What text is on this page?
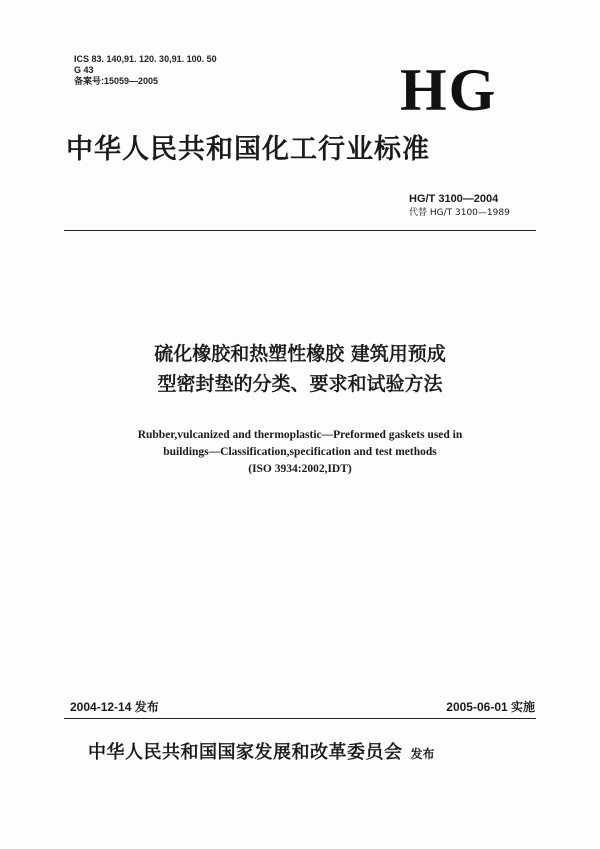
ICS 83. 140,91. 120. 30,91. 100. 50
G 43
备案号:15059—2005	HG
中华人民共和国化工行业标准
HG/T 3100—2004
代替 HG/T 3100—1989
硫化橡胶和热塑性橡胶 建筑用预成
型密封垫的分类、要求和试验方法
Rubber,vulcanized and thermoplastic—Preformed gaskets used in
buildings—Classification,specification and test methods
(ISO 3934:2002,IDT)
2004-12-14 发布	2005-06-01 实施
中华人民共和国国家发展和改革委员会 发布
